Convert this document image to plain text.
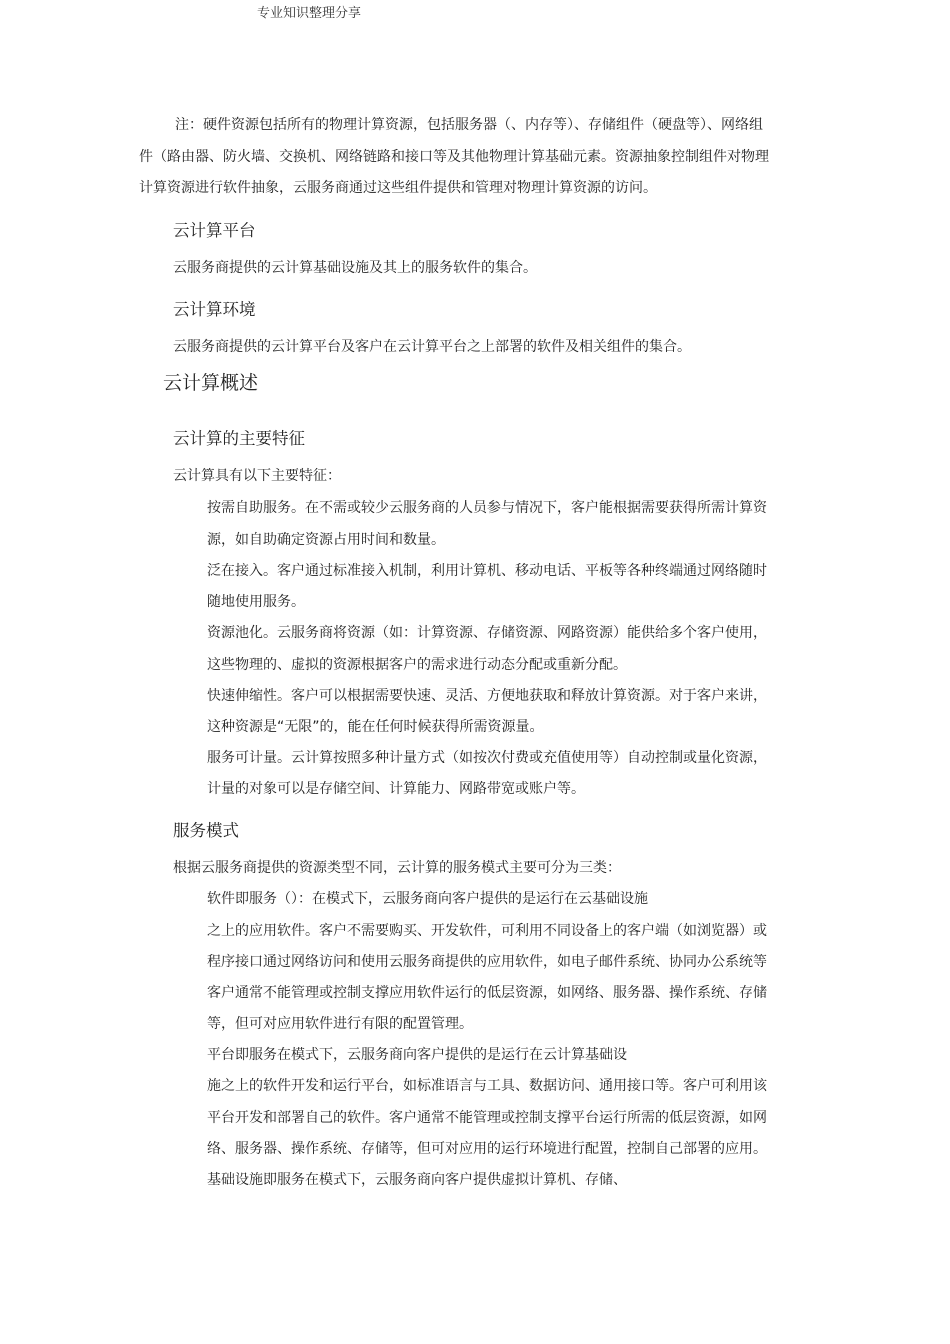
专业知识整理分享
注：硬件资源包括所有的物理计算资源，包括服务器（、内存等）、存储组件（硬盘等）、网络组
件（路由器、防火墙、交换机、网络链路和接口等及其他物理计算基础元素。资源抽象控制组件对物理
计算资源进行软件抽象，云服务商通过这些组件提供和管理对物理计算资源的访问。
云计算平台
云服务商提供的云计算基础设施及其上的服务软件的集合。
云计算环境
云服务商提供的云计算平台及客户在云计算平台之上部署的软件及相关组件的集合。
云计算概述
云计算的主要特征
云计算具有以下主要特征：
按需自助服务。在不需或较少云服务商的人员参与情况下，客户能根据需要获得所需计算资
源，如自助确定资源占用时间和数量。
泛在接入。客户通过标准接入机制，利用计算机、移动电话、平板等各种终端通过网络随时
随地使用服务。
资源池化。云服务商将资源（如：计算资源、存储资源、网路资源）能供给多个客户使用，
这些物理的、虚拟的资源根据客户的需求进行动态分配或重新分配。
快速伸缩性。客户可以根据需要快速、灵活、方便地获取和释放计算资源。对于客户来讲，
这种资源是“无限”的，能在任何时候获得所需资源量。
服务可计量。云计算按照多种计量方式（如按次付费或充值使用等）自动控制或量化资源，
计量的对象可以是存储空间、计算能力、网路带宽或账户等。
服务模式
根据云服务商提供的资源类型不同，云计算的服务模式主要可分为三类：
软件即服务（）：在模式下，云服务商向客户提供的是运行在云基础设施
之上的应用软件。客户不需要购买、开发软件，可利用不同设备上的客户端（如浏览器）或
程序接口通过网络访问和使用云服务商提供的应用软件，如电子邮件系统、协同办公系统等
客户通常不能管理或控制支撑应用软件运行的低层资源，如网络、服务器、操作系统、存储
等，但可对应用软件进行有限的配置管理。
平台即服务在模式下，云服务商向客户提供的是运行在云计算基础设
施之上的软件开发和运行平台，如标准语言与工具、数据访问、通用接口等。客户可利用该
平台开发和部署自己的软件。客户通常不能管理或控制支撑平台运行所需的低层资源，如网
络、服务器、操作系统、存储等，但可对应用的运行环境进行配置，控制自己部署的应用。
基础设施即服务在模式下，云服务商向客户提供虚拟计算机、存储、
